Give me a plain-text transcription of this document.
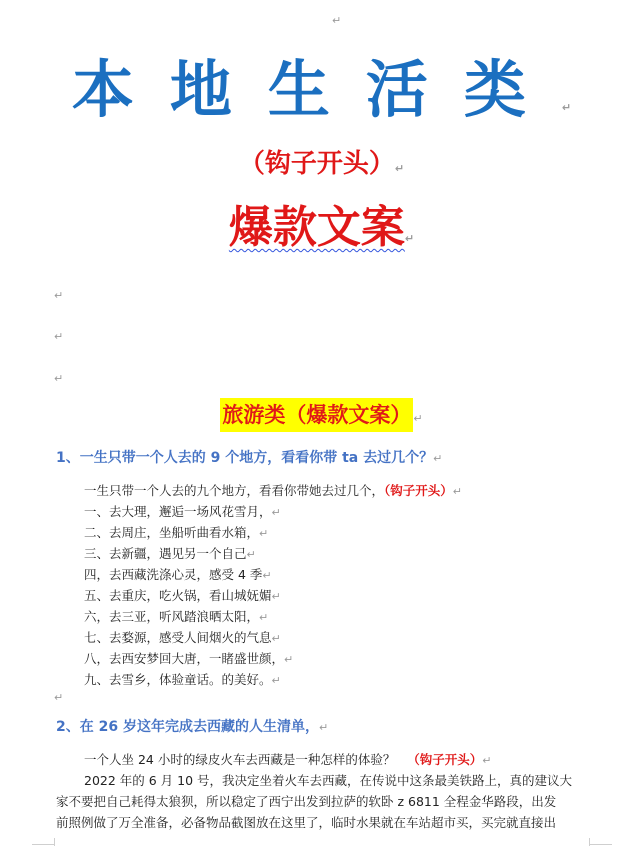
↵
本地生活类↵
（钩子开头）↵
爆款文案↵
↵
↵
↵
旅游类（爆款文案） ↵
1、一生只带一个人去的 9 个地方，看看你带 ta 去过几个？↵
一生只带一个人去的九个地方，看看你带她去过几个，（钩子开头）↵
一、去大理，邂逅一场风花雪月，↵
二、去周庄，坐船听曲看水箱，↵
三、去新疆，遇见另一个自己↵
四，去西藏洗涤心灵，感受 4 季↵
五、去重庆，吃火锅，看山城妩媚↵
六，去三亚，听风踏浪晒太阳，↵
七、去婺源，感受人间烟火的气息↵
八，去西安梦回大唐，一睹盛世颜，↵
九、去雪乡，体验童话。的美好。↵
↵
2、在 26 岁这年完成去西藏的人生清单，↵
一个人坐 24 小时的绿皮火车去西藏是一种怎样的体验？ （钩子开头）↵
2022 年的 6 月 10 号，我决定坐着火车去西藏，在传说中这条最美铁路上，真的建议大
家不要把自己耗得太狼狈，所以稳定了西宁出发到拉萨的软卧 z 6811 全程金华路段，出发
前照例做了万全准备，必备物品截图放在这里了，临时水果就在车站超市买，买完就直接出
